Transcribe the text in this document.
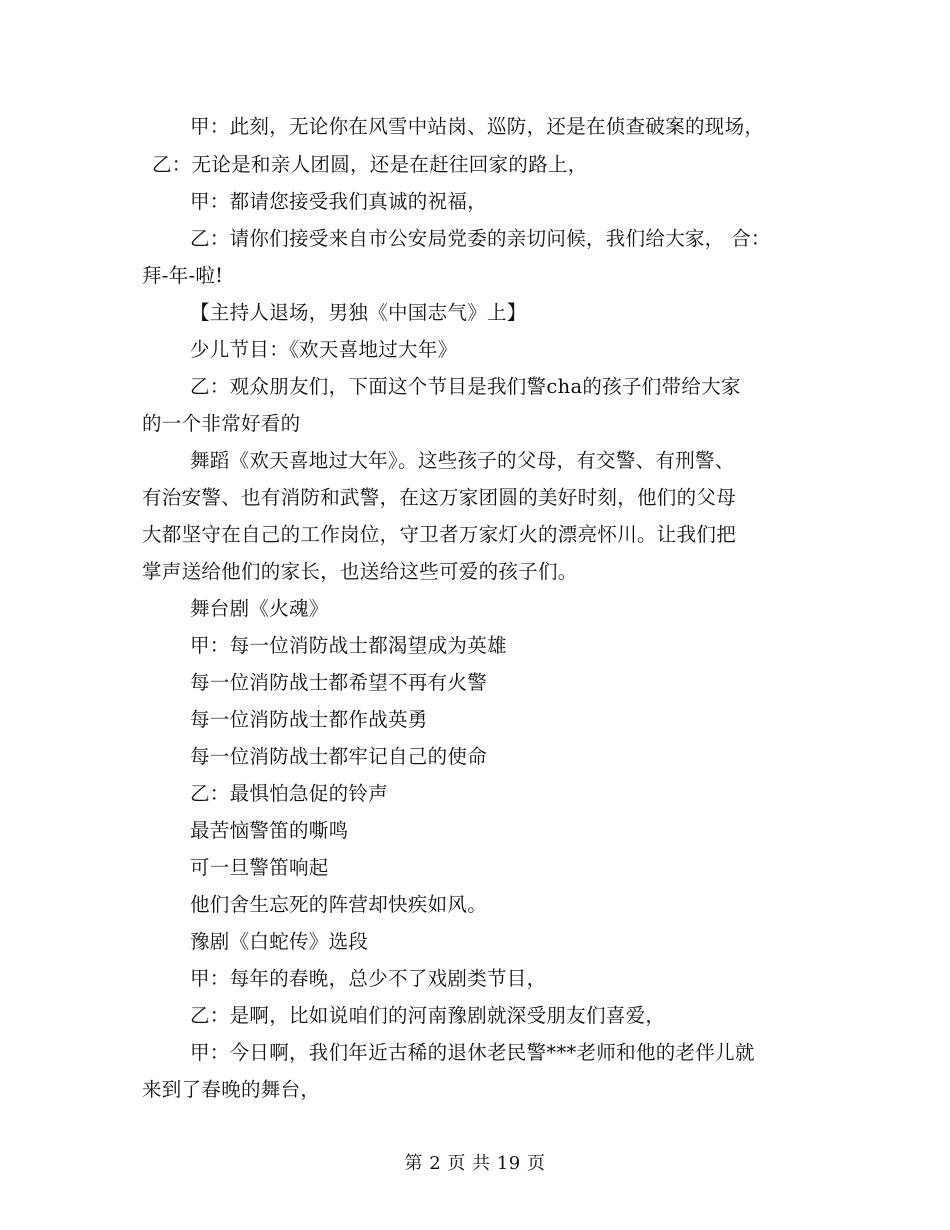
甲：此刻，无论你在风雪中站岗、巡防，还是在侦查破案的现场，
乙：无论是和亲人团圆，还是在赶往回家的路上，
甲：都请您接受我们真诚的祝福，
乙：请你们接受来自市公安局党委的亲切问候，我们给大家， 合：
拜-年-啦!
【主持人退场，男独《中国志气》上】
少儿节目：《欢天喜地过大年》
乙：观众朋友们，下面这个节目是我们警cha的孩子们带给大家
的一个非常好看的
舞蹈《欢天喜地过大年》。这些孩子的父母，有交警、有刑警、
有治安警、也有消防和武警，在这万家团圆的美好时刻，他们的父母
大都坚守在自己的工作岗位，守卫者万家灯火的漂亮怀川。让我们把
掌声送给他们的家长，也送给这些可爱的孩子们。
舞台剧《火魂》
甲：每一位消防战士都渴望成为英雄
每一位消防战士都希望不再有火警
每一位消防战士都作战英勇
每一位消防战士都牢记自己的使命
乙：最惧怕急促的铃声
最苦恼警笛的嘶鸣
可一旦警笛响起
他们舍生忘死的阵营却快疾如风。
豫剧《白蛇传》选段
甲：每年的春晚，总少不了戏剧类节目，
乙：是啊，比如说咱们的河南豫剧就深受朋友们喜爱，
甲：今日啊，我们年近古稀的退休老民警***老师和他的老伴儿就
来到了春晚的舞台，
第 2 页 共 19 页
